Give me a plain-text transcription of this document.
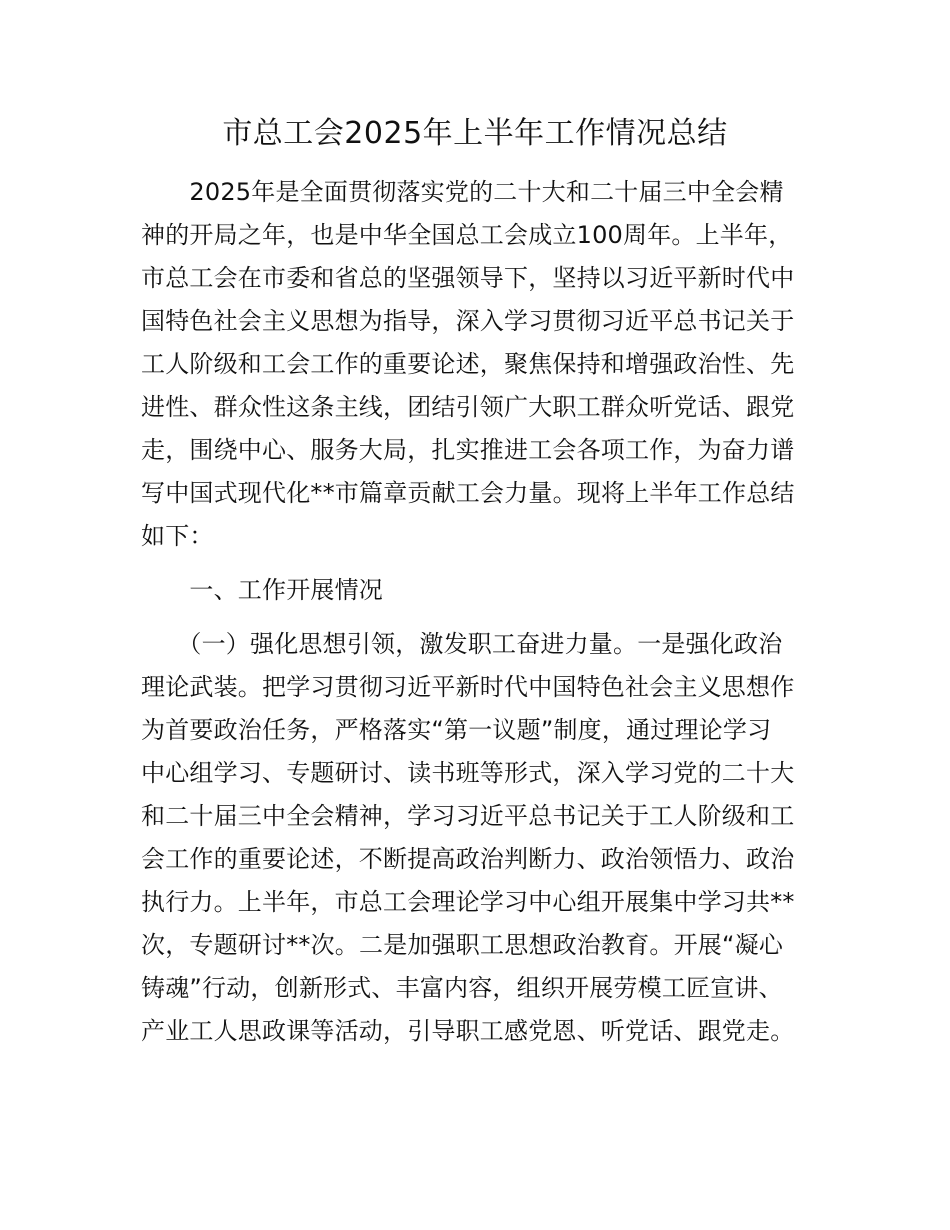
市总工会2025年上半年工作情况总结
　　2025年是全面贯彻落实党的二十大和二十届三中全会精
神的开局之年，也是中华全国总工会成立100周年。上半年，
市总工会在市委和省总的坚强领导下，坚持以习近平新时代中
国特色社会主义思想为指导，深入学习贯彻习近平总书记关于
工人阶级和工会工作的重要论述，聚焦保持和增强政治性、先
进性、群众性这条主线，团结引领广大职工群众听党话、跟党
走，围绕中心、服务大局，扎实推进工会各项工作，为奋力谱
写中国式现代化**市篇章贡献工会力量。现将上半年工作总结
如下：
　　一、工作开展情况
　　（一）强化思想引领，激发职工奋进力量。一是强化政治
理论武装。把学习贯彻习近平新时代中国特色社会主义思想作
为首要政治任务，严格落实“第一议题”制度，通过理论学习
中心组学习、专题研讨、读书班等形式，深入学习党的二十大
和二十届三中全会精神，学习习近平总书记关于工人阶级和工
会工作的重要论述，不断提高政治判断力、政治领悟力、政治
执行力。上半年，市总工会理论学习中心组开展集中学习共**
次，专题研讨**次。二是加强职工思想政治教育。开展“凝心
铸魂”行动，创新形式、丰富内容，组织开展劳模工匠宣讲、
产业工人思政课等活动，引导职工感党恩、听党话、跟党走。
